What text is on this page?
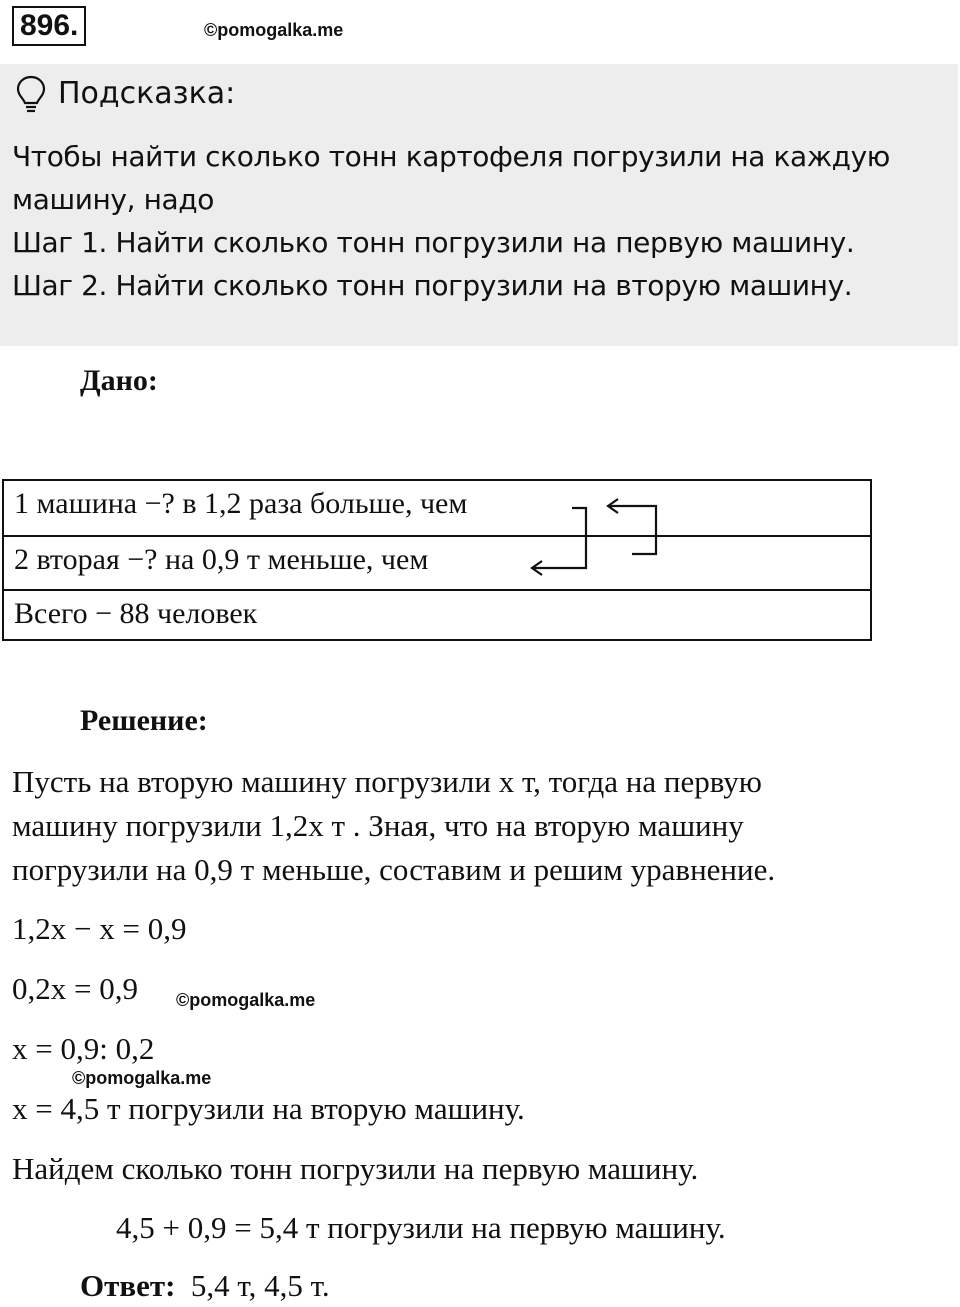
896.	©pomogalka.me
Подсказка:
Чтобы найти сколько тонн картофеля погрузили на каждую
машину, надо
Шаг 1. Найти сколько тонн погрузили на первую машину.
Шаг 2. Найти сколько тонн погрузили на вторую машину.
Дано:
1 машина −? в 1,2 раза больше, чем
2 вторая −? на 0,9 т меньше, чем
Всего − 88 человек
Решение:
Пусть на вторую машину погрузили x т, тогда на первую
машину погрузили 1,2x т . Зная, что на вторую машину
погрузили на 0,9 т меньше, составим и решим уравнение.
1,2x − x = 0,9
0,2x = 0,9 ©pomogalka.me
x = 0,9: 0,2
©pomogalka.me
x = 4,5 т погрузили на вторую машину.
Найдем сколько тонн погрузили на первую машину.
4,5 + 0,9 = 5,4 т погрузили на первую машину.
Ответ: 5,4 т, 4,5 т.
